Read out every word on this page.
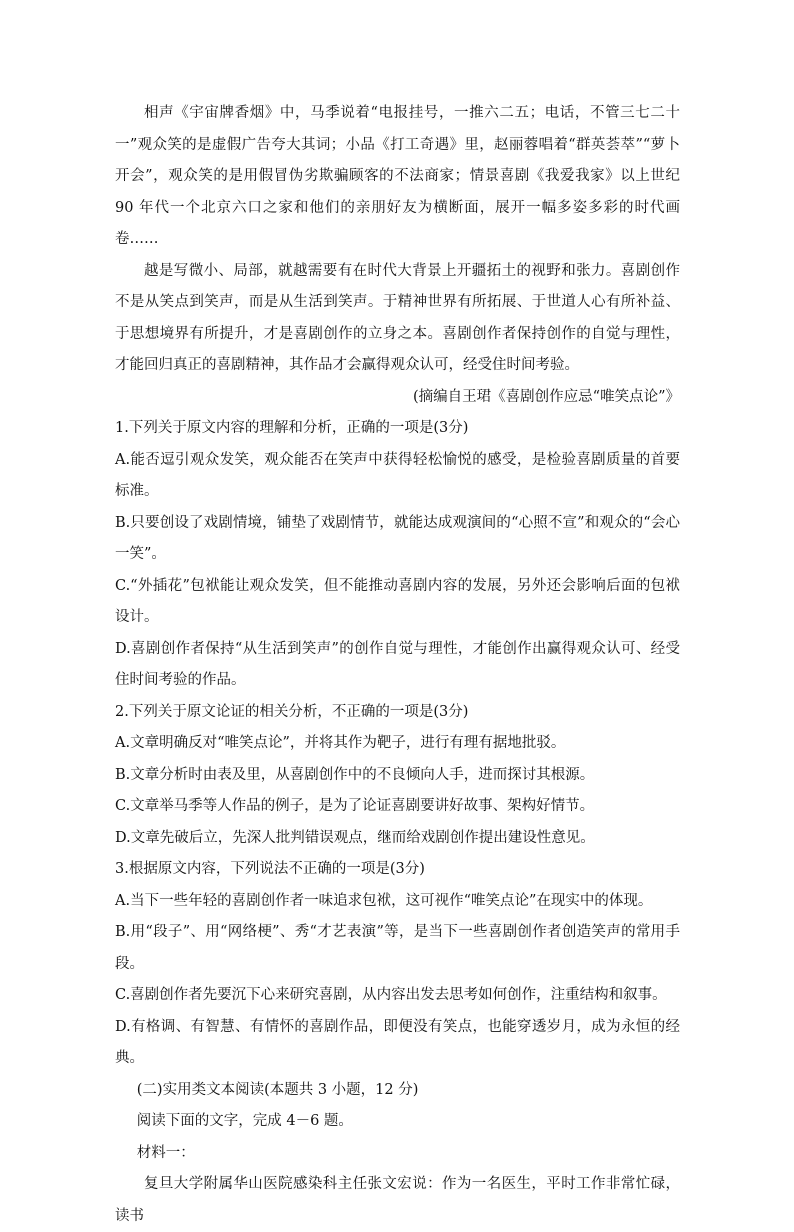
相声《宇宙牌香烟》中，马季说着“电报挂号，一推六二五；电话，不管三七二十一”观众笑的是虚假广告夸大其词；小品《打工奇遇》里，赵丽蓉唱着“群英荟萃”“萝卜开会”，观众笑的是用假冒伪劣欺骗顾客的不法商家；情景喜剧《我爱我家》以上世纪 90 年代一个北京六口之家和他们的亲朋好友为横断面，展开一幅多姿多彩的时代画卷……

越是写微小、局部，就越需要有在时代大背景上开疆拓土的视野和张力。喜剧创作不是从笑点到笑声，而是从生活到笑声。于精神世界有所拓展、于世道人心有所补益、于思想境界有所提升，才是喜剧创作的立身之本。喜剧创作者保持创作的自觉与理性，才能回归真正的喜剧精神，其作品才会赢得观众认可，经受住时间考验。

(摘编自王珺《喜剧创作应忌“唯笑点论”》

1.下列关于原文内容的理解和分析，正确的一项是(3分)

A.能否逗引观众发笑，观众能否在笑声中获得轻松愉悦的感受，是检验喜剧质量的首要标准。

B.只要创设了戏剧情境，铺垫了戏剧情节，就能达成观演间的“心照不宣”和观众的“会心一笑”。

C.“外插花”包袱能让观众发笑，但不能推动喜剧内容的发展，另外还会影响后面的包袱设计。

D.喜剧创作者保持“从生活到笑声”的创作自觉与理性，才能创作出赢得观众认可、经受住时间考验的作品。

2.下列关于原文论证的相关分析，不正确的一项是(3分)

A.文章明确反对“唯笑点论”，并将其作为靶子，进行有理有据地批驳。

B.文章分析时由表及里，从喜剧创作中的不良倾向人手，进而探讨其根源。

C.文章举马季等人作品的例子，是为了论证喜剧要讲好故事、架构好情节。

D.文章先破后立，先深人批判错误观点，继而给戏剧创作提出建设性意见。

3.根据原文内容，下列说法不正确的一项是(3分)

A.当下一些年轻的喜剧创作者一味追求包袱，这可视作“唯笑点论”在现实中的体现。

B.用“段子”、用“网络梗”、秀“才艺表演”等，是当下一些喜剧创作者创造笑声的常用手段。

C.喜剧创作者先要沉下心来研究喜剧，从内容出发去思考如何创作，注重结构和叙事。

D.有格调、有智慧、有情怀的喜剧作品，即便没有笑点，也能穿透岁月，成为永恒的经典。

(二)实用类文本阅读(本题共 3 小题，12 分)

阅读下面的文字，完成 4－6 题。

材料一：

复旦大学附属华山医院感染科主任张文宏说：作为一名医生，平时工作非常忙碌，读书
